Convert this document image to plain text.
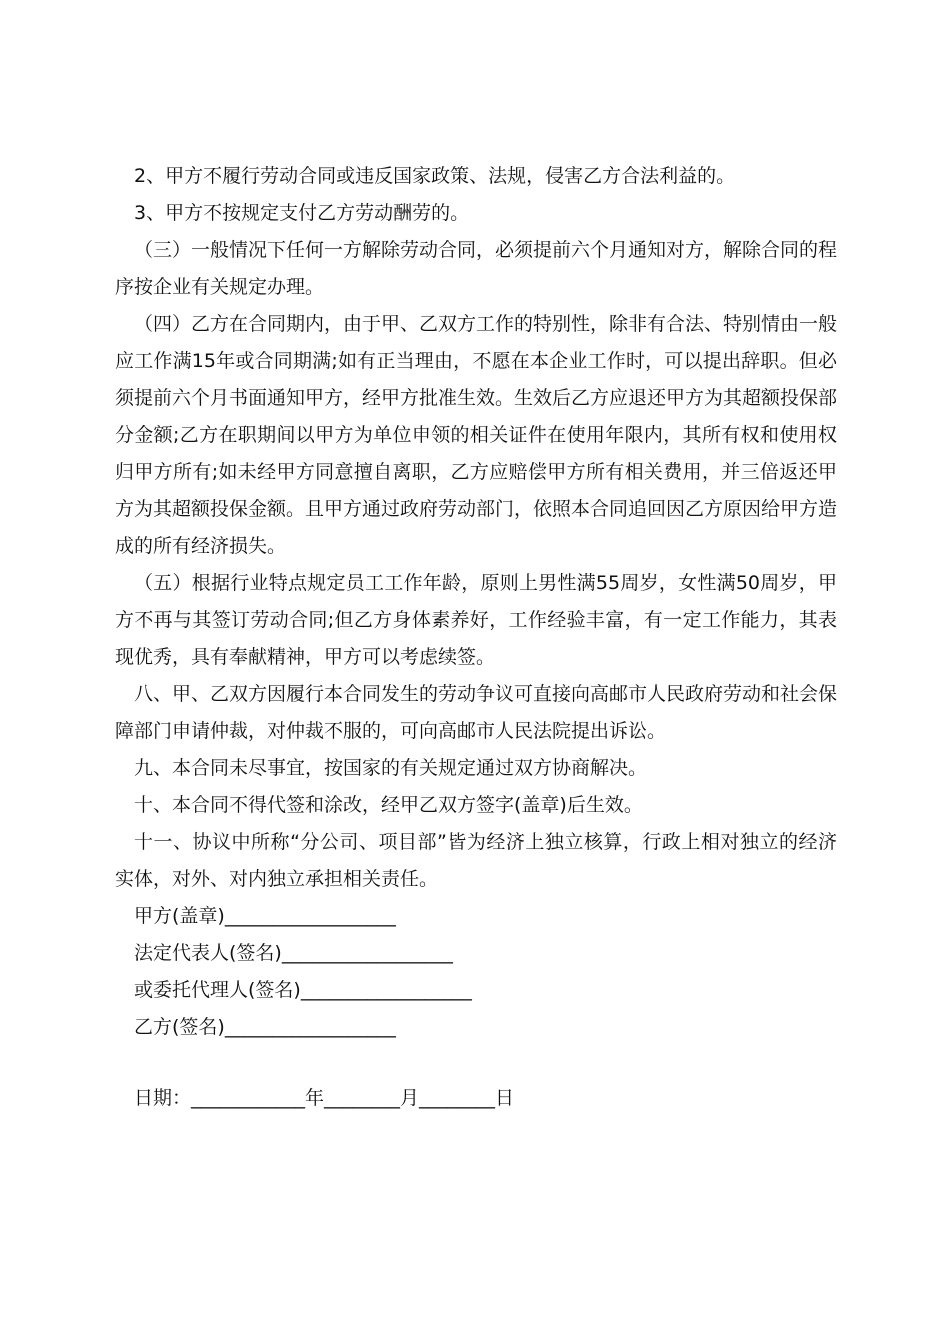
2、甲方不履行劳动合同或违反国家政策、法规，侵害乙方合法利益的。

3、甲方不按规定支付乙方劳动酬劳的。

（三）一般情况下任何一方解除劳动合同，必须提前六个月通知对方，解除合同的程序按企业有关规定办理。

（四）乙方在合同期内，由于甲、乙双方工作的特别性，除非有合法、特别情由一般应工作满15年或合同期满;如有正当理由，不愿在本企业工作时，可以提出辞职。但必须提前六个月书面通知甲方，经甲方批准生效。生效后乙方应退还甲方为其超额投保部分金额;乙方在职期间以甲方为单位申领的相关证件在使用年限内，其所有权和使用权归甲方所有;如未经甲方同意擅自离职，乙方应赔偿甲方所有相关费用，并三倍返还甲方为其超额投保金额。且甲方通过政府劳动部门，依照本合同追回因乙方原因给甲方造成的所有经济损失。

（五）根据行业特点规定员工工作年龄，原则上男性满55周岁，女性满50周岁，甲方不再与其签订劳动合同;但乙方身体素养好，工作经验丰富，有一定工作能力，其表现优秀，具有奉献精神，甲方可以考虑续签。

八、甲、乙双方因履行本合同发生的劳动争议可直接向高邮市人民政府劳动和社会保障部门申请仲裁，对仲裁不服的，可向高邮市人民法院提出诉讼。

九、本合同未尽事宜，按国家的有关规定通过双方协商解决。

十、本合同不得代签和涂改，经甲乙双方签字(盖章)后生效。

十一、协议中所称“分公司、项目部”皆为经济上独立核算，行政上相对独立的经济实体，对外、对内独立承担相关责任。

甲方(盖章)__________________

法定代表人(签名)__________________

或委托代理人(签名)__________________

乙方(签名)__________________

日期：____________年________月________日
